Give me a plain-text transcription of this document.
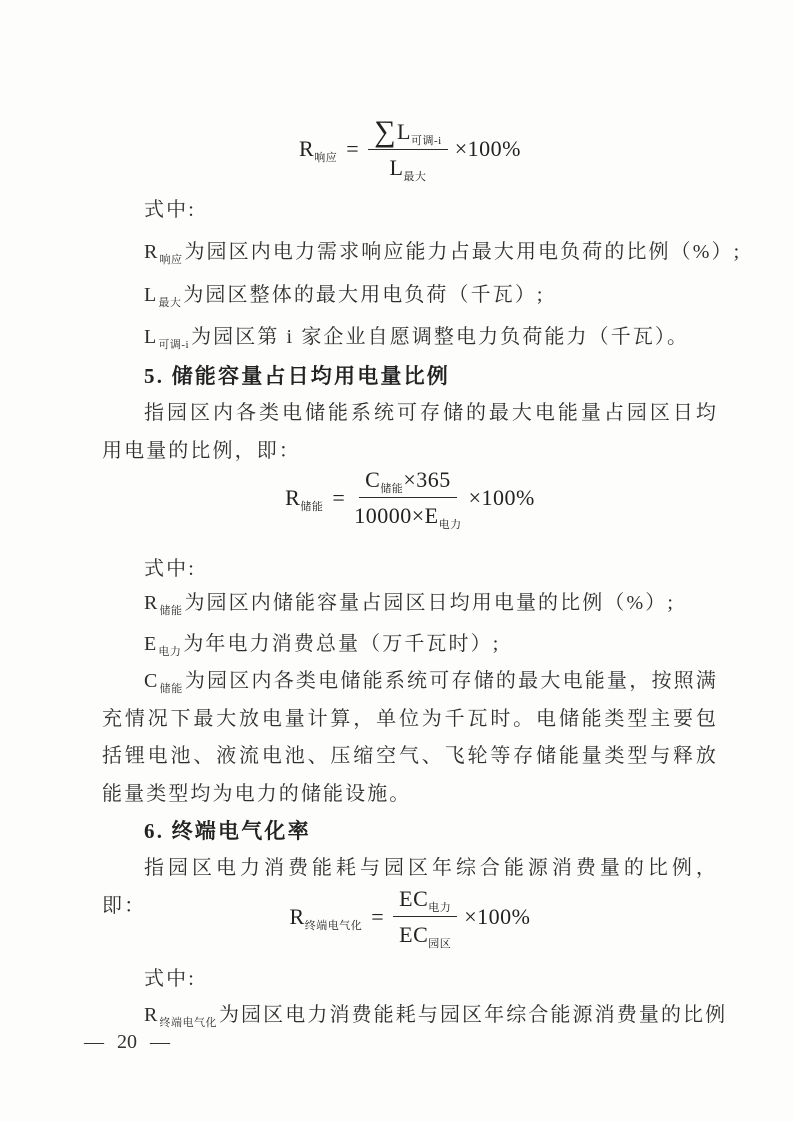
$R_{响应} = \frac{\sum L_{可调-i}}{L_{最大}} \times 100\%$

式中:

$R_{响应}$ 为园区内电力需求响应能力占最大用电负荷的比例（%）;

$L_{最大}$ 为园区整体的最大用电负荷（千瓦）;

$L_{可调-i}$ 为园区第 i 家企业自愿调整电力负荷能力（千瓦）。

5. 储能容量占日均用电量比例

指园区内各类电储能系统可存储的最大电能量占园区日均用电量的比例，即：

$R_{储能} = \frac{C_{储能}\times 365}{10000\times E_{电力}} \times 100\%$

式中:

$R_{储能}$ 为园区内储能容量占园区日均用电量的比例（%）;

$E_{电力}$ 为年电力消费总量（万千瓦时）;

$C_{储能}$ 为园区内各类电储能系统可存储的最大电能量，按照满充情况下最大放电量计算，单位为千瓦时。电储能类型主要包括锂电池、液流电池、压缩空气、飞轮等存储能量类型与释放能量类型均为电力的储能设施。

6. 终端电气化率

指园区电力消费能耗与园区年综合能源消费量的比例，即：	$R_{终端电气化} = \frac{EC_{电力}}{EC_{园区}} \times 100\%$

式中:

$R_{终端电气化}$ 为园区电力消费能耗与园区年综合能源消费量的比例

— 20 —
